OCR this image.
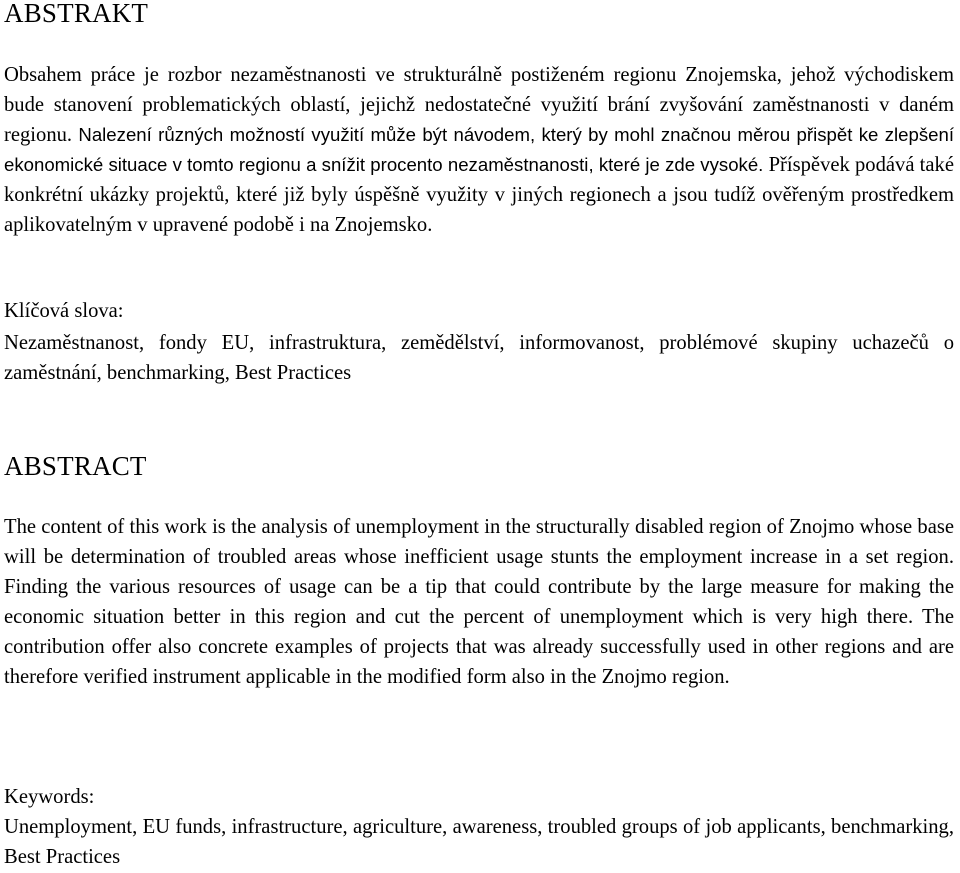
ABSTRAKT

Obsahem práce je rozbor nezaměstnanosti ve strukturálně postiženém regionu Znojemska, jehož východiskem bude stanovení problematických oblastí, jejichž nedostatečné využití brání zvyšování zaměstnanosti v daném regionu. Nalezení různých možností využití může být návodem, který by mohl značnou měrou přispět ke zlepšení ekonomické situace v tomto regionu a snížit procento nezaměstnanosti, které je zde vysoké. Příspěvek podává také konkrétní ukázky projektů, které již byly úspěšně využity v jiných regionech a jsou tudíž ověřeným prostředkem aplikovatelným v upravené podobě i na Znojemsko.

Klíčová slova:

Nezaměstnanost, fondy EU, infrastruktura, zemědělství, informovanost, problémové skupiny uchazečů o zaměstnání, benchmarking, Best Practices

ABSTRACT

The content of this work is the analysis of unemployment in the structurally disabled region of Znojmo whose base will be determination of troubled areas whose inefficient usage stunts the employment increase in a set region. Finding the various resources of usage can be a tip that could contribute by the large measure for making the economic situation better in this region and cut the percent of unemployment which is very high there. The contribution offer also concrete examples of projects that was already successfully used in other regions and are therefore verified instrument applicable in the modified form also in the Znojmo region.

Keywords:

Unemployment, EU funds, infrastructure, agriculture, awareness, troubled groups of job applicants, benchmarking, Best Practices
